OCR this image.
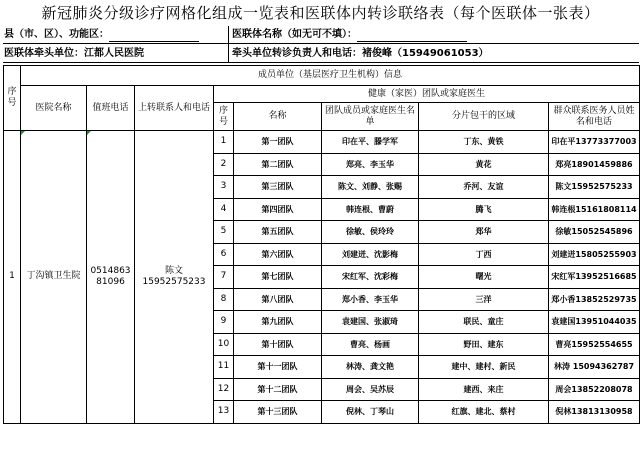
新冠肺炎分级诊疗网格化组成一览表和医联体内转诊联络表（每个医联体一张表）
县（市、区）、功能区：	医联体名称（如无可不填）：
医联体牵头单位：江都人民医院	牵头单位转诊负责人和电话：褚俊峰（15949061053）
序号	成员单位（基层医疗卫生机构）信息							
	医院名称	值班电话	上转联系人和电话	健康（家医）团队或家庭医生				
				序号	名称	团队成员或家庭医生名单	分片包干的区域	群众联系医务人员姓名和电话
1	丁沟镇卫生院	051486381096	陈文15952575233	1	第一团队	印在平、滕学军	丁东、黄铁	印在平13773377003
				2	第二团队	郑亮、李玉华	黄花	郑亮18901459886
				3	第三团队	陈文、刘静、张赐	乔河、友谊	陈文15952575233
				4	第四团队	韩连根、曹蔚	腾飞	韩连根15161808114
				5	第五团队	徐敏、侯玲玲	郑华	徐敏15052545896
				6	第六团队	刘建迸、沈影梅	丁西	刘建迸15805255903
				7	第七团队	宋红军、沈彩梅	曙光	宋红军13952516685
				8	第八团队	郑小香、李玉华	三洋	郑小香13852529735
				9	第九团队	袁建国、张淑琦	联民、童庄	袁建国13951044035
				10	第十团队	曹亮、杨画	野田、建东	曹亮15952554655
				11	第十一团队	林涛、龚文艳	建中、建村、新民	林涛 15094362787
				12	第十二团队	周会、吴苏辰	建西、来庄	周会13852208078
				13	第十三团队	倪林、丁琴山	红旗、建北、蔡村	倪林13813130958
